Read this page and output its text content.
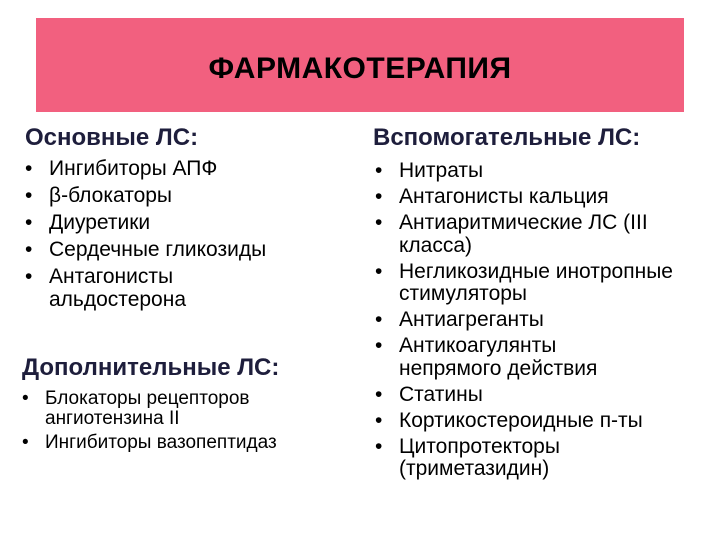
ФАРМАКОТЕРАПИЯ
Основные ЛС:
• Ингибиторы АПФ
• β-блокаторы
• Диуретики
• Сердечные гликозиды
• Антагонисты альдостерона
Дополнительные ЛС:
• Блокаторы рецепторов ангиотензина II
• Ингибиторы вазопептидаз
Вспомогательные ЛС:
• Нитраты
• Антагонисты кальция
• Антиаритмические ЛС (III класса)
• Негликозидные инотропные стимуляторы
• Антиагреганты
• Антикоагулянты непрямого действия
• Статины
• Кортикостероидные п-ты
• Цитопротекторы (триметазидин)
